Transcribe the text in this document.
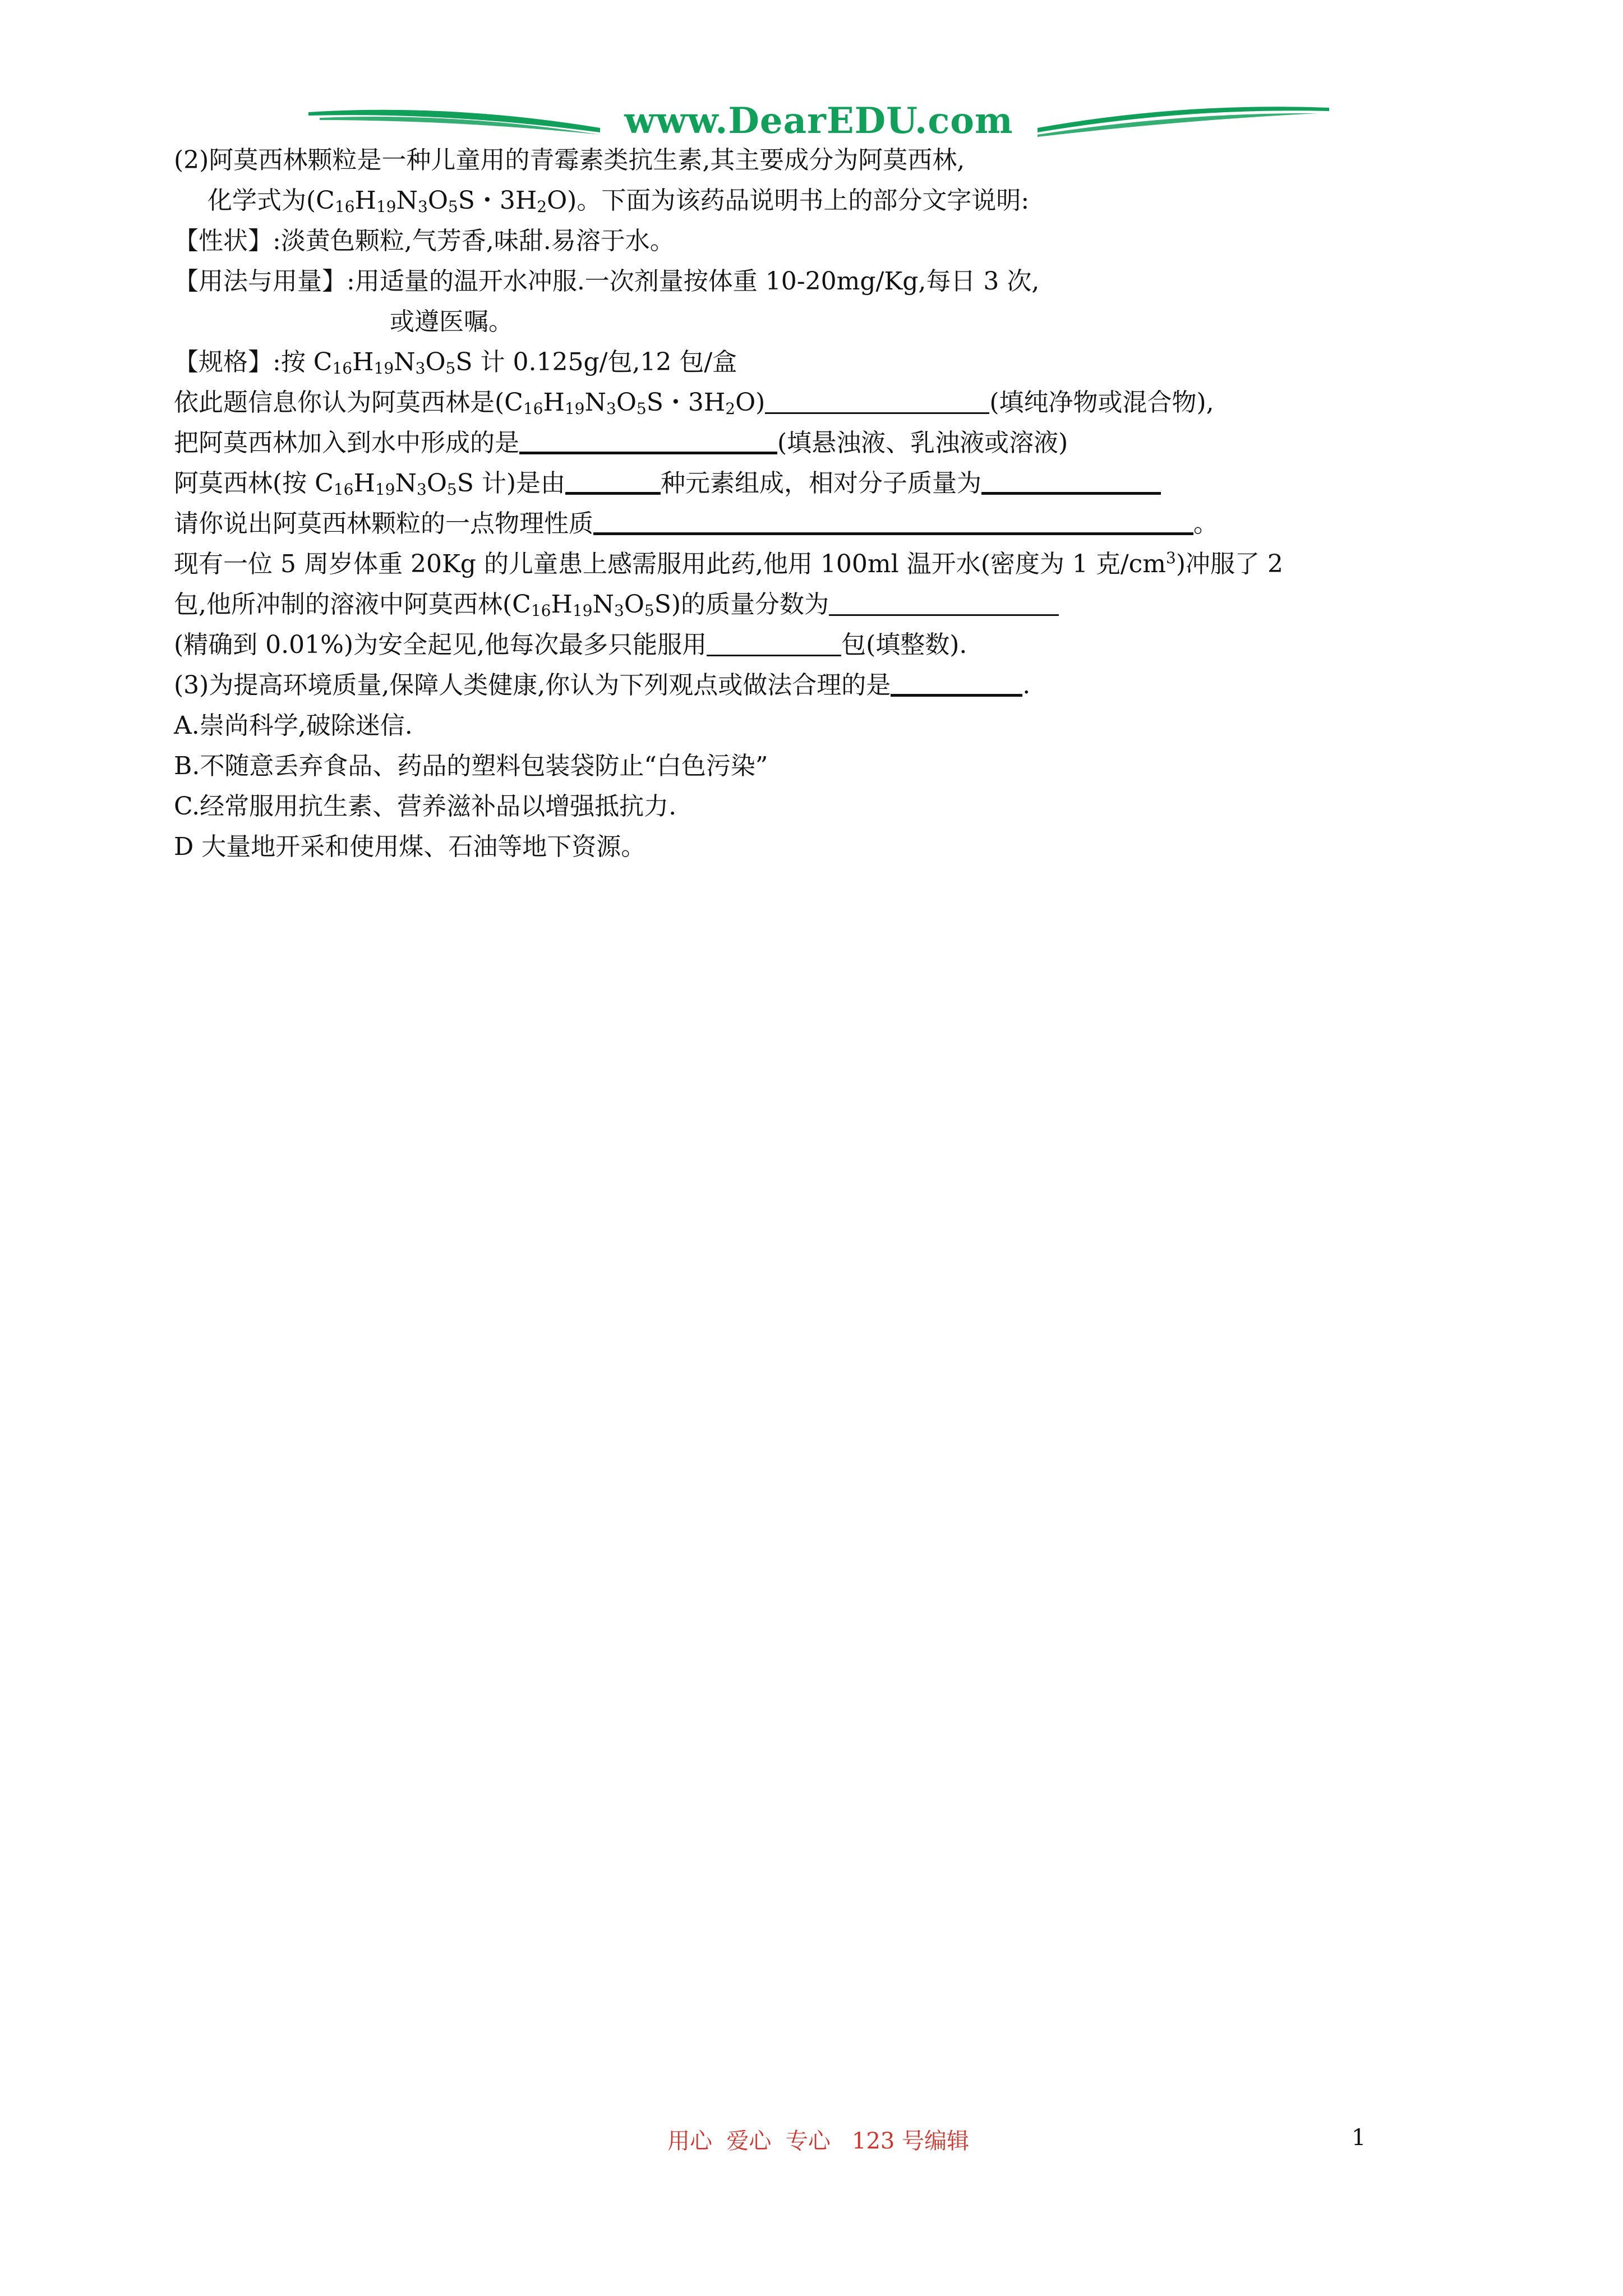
www.DearEDU.com
(2)阿莫西林颗粒是一种儿童用的青霉素类抗生素,其主要成分为阿莫西林,
化学式为($C_{16}H_{19}N_3O_5S$・$3H_2O$)。下面为该药品说明书上的部分文字说明:
【性状】:淡黄色颗粒,气芳香,味甜.易溶于水。
【用法与用量】:用适量的温开水冲服.一次剂量按体重 10-20mg/Kg,每日 3 次,
或遵医嘱。
【规格】:按 $C_{16}H_{19}N_3O_5S$ 计 0.125g/包,12 包/盒
依此题信息你认为阿莫西林是($C_{16}H_{19}N_3O_5S$・$3H_2O$)	(填纯净物或混合物),
把阿莫西林加入到水中形成的是	(填悬浊液、乳浊液或溶液)
阿莫西林(按 $C_{16}H_{19}N_3O_5S$ 计)是由	种元素组成，相对分子质量为
请你说出阿莫西林颗粒的一点物理性质	。
现有一位 5 周岁体重 20Kg 的儿童患上感需服用此药,他用 100ml 温开水(密度为 1 克$/cm^3$)冲服了 2
包,他所冲制的溶液中阿莫西林$(C_{16}H_{19}N_3O_5S)$的质量分数为
(精确到 0.01%)为安全起见,他每次最多只能服用	包(填整数).
(3)为提高环境质量,保障人类健康,你认为下列观点或做法合理的是	.
A.崇尚科学,破除迷信.
B.不随意丢弃食品、药品的塑料包装袋防止“白色污染”
C.经常服用抗生素、营养滋补品以增强抵抗力.
D 大量地开采和使用煤、石油等地下资源。
用心  爱心  专心   123 号编辑	1
